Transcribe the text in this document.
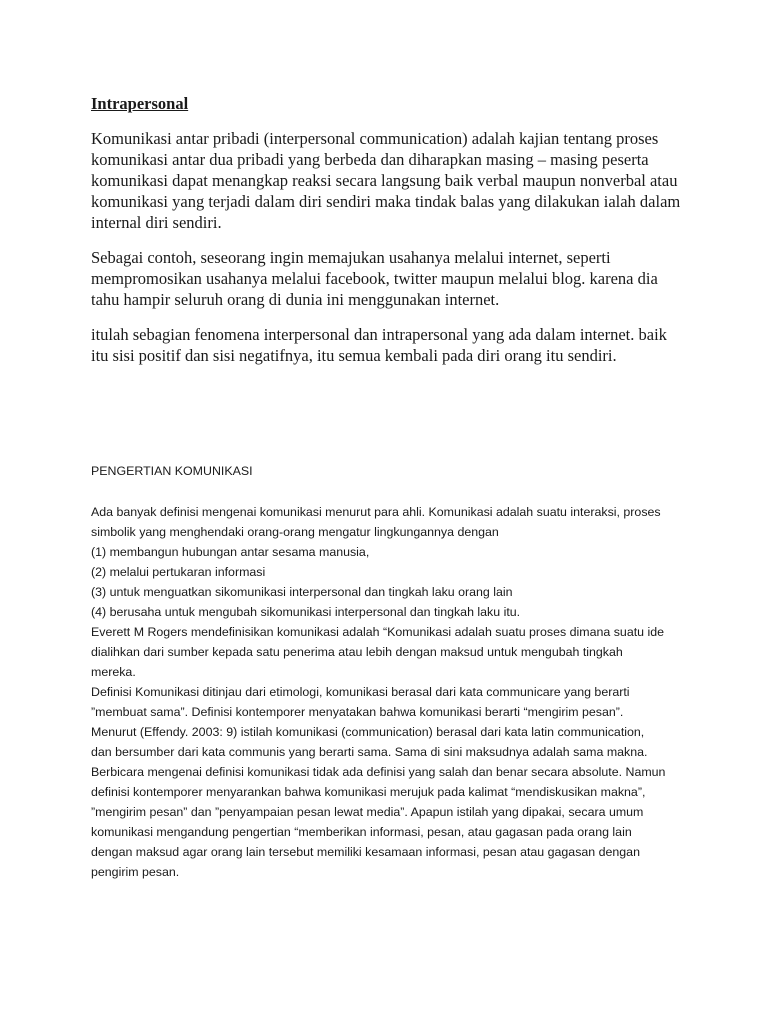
Intrapersonal

Komunikasi antar pribadi (interpersonal communication) adalah kajian tentang proses komunikasi antar dua pribadi yang berbeda dan diharapkan masing – masing peserta komunikasi dapat menangkap reaksi secara langsung baik verbal maupun nonverbal atau komunikasi yang terjadi dalam diri sendiri maka tindak balas yang dilakukan ialah dalam internal diri sendiri.

Sebagai contoh, seseorang ingin memajukan usahanya melalui internet, seperti mempromosikan usahanya melalui facebook, twitter maupun melalui blog. karena dia tahu hampir seluruh orang di dunia ini menggunakan internet.

itulah sebagian fenomena interpersonal dan intrapersonal yang ada dalam internet. baik itu sisi positif dan sisi negatifnya, itu semua kembali pada diri orang itu sendiri.

PENGERTIAN KOMUNIKASI
Ada banyak definisi mengenai komunikasi menurut para ahli. Komunikasi adalah suatu interaksi, proses
simbolik yang menghendaki orang-orang mengatur lingkungannya dengan
(1) membangun hubungan antar sesama manusia,
(2) melalui pertukaran informasi
(3) untuk menguatkan sikomunikasi interpersonal dan tingkah laku orang lain
(4) berusaha untuk mengubah sikomunikasi interpersonal dan tingkah laku itu.
Everett M Rogers mendefinisikan komunikasi adalah “Komunikasi adalah suatu proses dimana suatu ide
dialihkan dari sumber kepada satu penerima atau lebih dengan maksud untuk mengubah tingkah
mereka.
Definisi Komunikasi ditinjau dari etimologi, komunikasi berasal dari kata communicare yang berarti
”membuat sama”. Definisi kontemporer menyatakan bahwa komunikasi berarti “mengirim pesan”.
Menurut (Effendy. 2003: 9) istilah komunikasi (communication) berasal dari kata latin communication,
dan bersumber dari kata communis yang berarti sama. Sama di sini maksudnya adalah sama makna.
Berbicara mengenai definisi komunikasi tidak ada definisi yang salah dan benar secara absolute. Namun
definisi kontemporer menyarankan bahwa komunikasi merujuk pada kalimat “mendiskusikan makna”,
”mengirim pesan” dan ”penyampaian pesan lewat media”. Apapun istilah yang dipakai, secara umum
komunikasi mengandung pengertian “memberikan informasi, pesan, atau gagasan pada orang lain
dengan maksud agar orang lain tersebut memiliki kesamaan informasi, pesan atau gagasan dengan
pengirim pesan.
